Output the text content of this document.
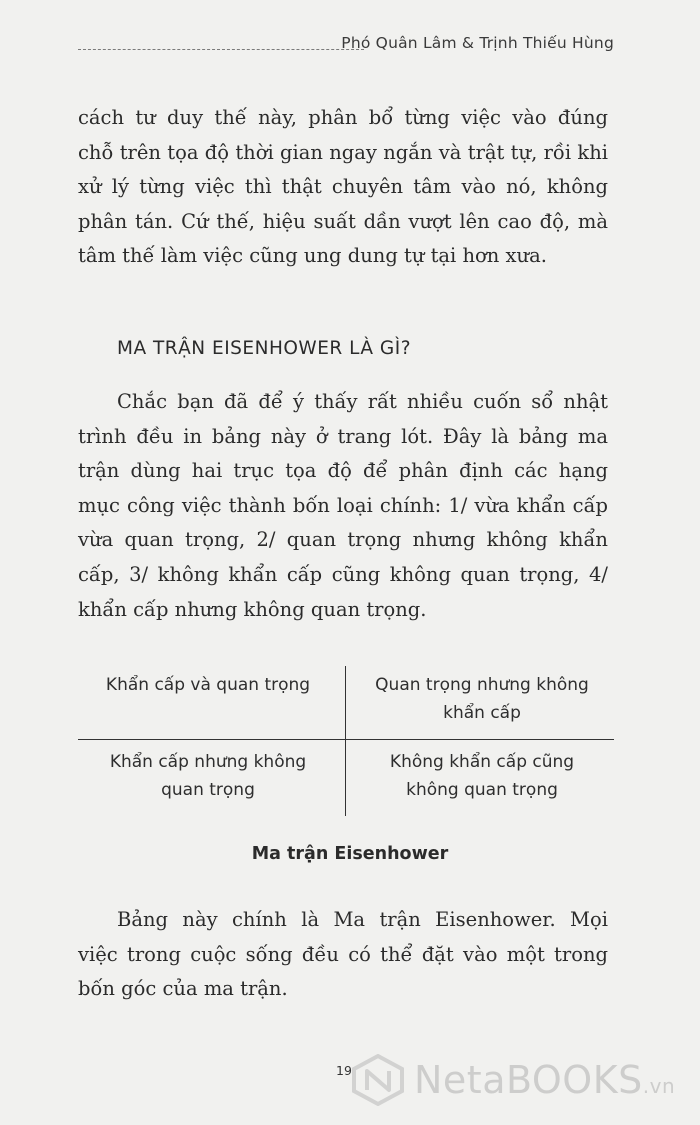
Phó Quân Lâm & Trịnh Thiếu Hùng

cách tư duy thế này, phân bổ từng việc vào đúng
chỗ trên tọa độ thời gian ngay ngắn và trật tự, rồi khi
xử lý từng việc thì thật chuyên tâm vào nó, không
phân tán. Cứ thế, hiệu suất dần vượt lên cao độ, mà
tâm thế làm việc cũng ung dung tự tại hơn xưa.

MA TRẬN EISENHOWER LÀ GÌ?

Chắc bạn đã để ý thấy rất nhiều cuốn sổ nhật
trình đều in bảng này ở trang lót. Đây là bảng ma
trận dùng hai trục tọa độ để phân định các hạng
mục công việc thành bốn loại chính: 1/ vừa khẩn cấp
vừa quan trọng, 2/ quan trọng nhưng không khẩn
cấp, 3/ không khẩn cấp cũng không quan trọng, 4/
khẩn cấp nhưng không quan trọng.

Khẩn cấp và quan trọng	Quan trọng nhưng không
khẩn cấp
Khẩn cấp nhưng không
quan trọng
Không khẩn cấp cũng
không quan trọng
Ma trận Eisenhower

Bảng này chính là Ma trận Eisenhower. Mọi
việc trong cuộc sống đều có thể đặt vào một trong
bốn góc của ma trận.

19 NetaBOOKS.vn
